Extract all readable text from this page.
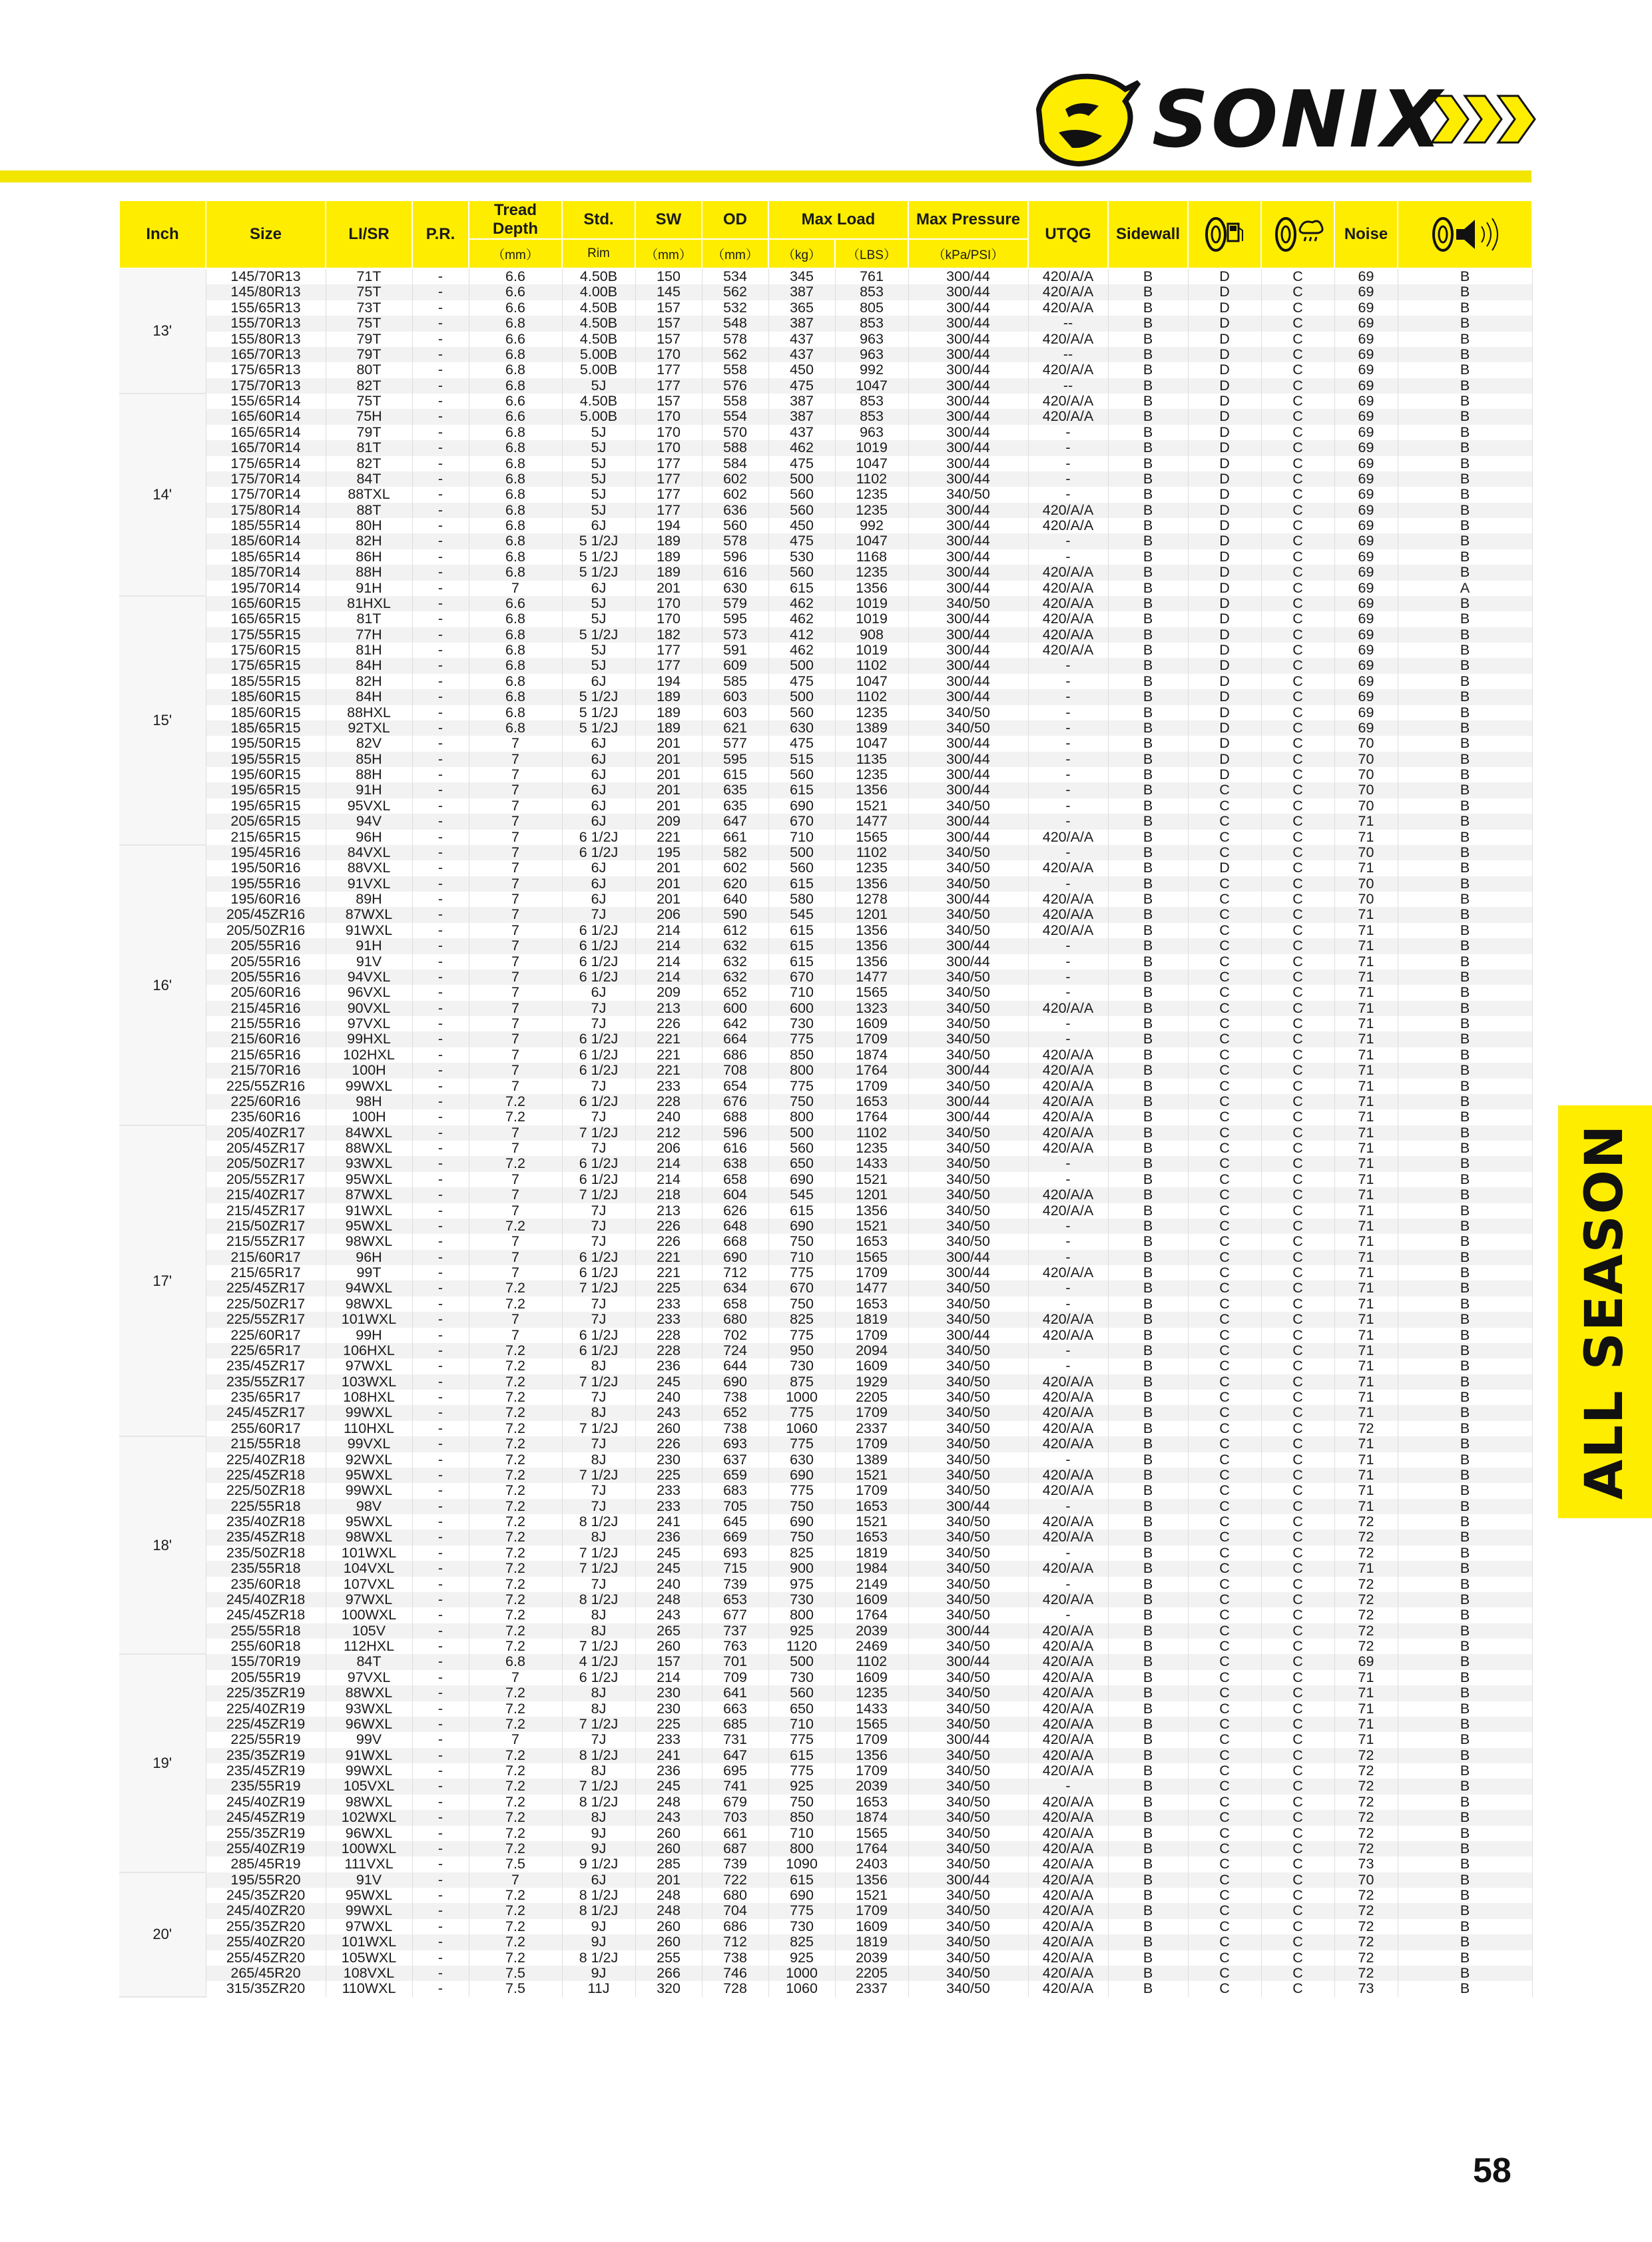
SONIX
Inch	Size	LI/SR	P.R.	Tread Depth	Std.	SW	OD	Max Load		Max Pressure	UTQG	Sidewall			Noise	

				（mm）	Rim	（mm）	（mm）	（kg）	（LBS）	（kPa/PSI）						
13'	145/70R13	71T	-	6.6	4.50B	150	534	345	761	300/44	420/A/A	B	D	C	69	B
	145/80R13	75T	-	6.6	4.00B	145	562	387	853	300/44	420/A/A	B	D	C	69	B
	155/65R13	73T	-	6.6	4.50B	157	532	365	805	300/44	420/A/A	B	D	C	69	B
	155/70R13	75T	-	6.8	4.50B	157	548	387	853	300/44	--	B	D	C	69	B
	155/80R13	79T	-	6.6	4.50B	157	578	437	963	300/44	420/A/A	B	D	C	69	B
	165/70R13	79T	-	6.8	5.00B	170	562	437	963	300/44	--	B	D	C	69	B
	175/65R13	80T	-	6.8	5.00B	177	558	450	992	300/44	420/A/A	B	D	C	69	B
	175/70R13	82T	-	6.8	5J	177	576	475	1047	300/44	--	B	D	C	69	B
14'	155/65R14	75T	-	6.6	4.50B	157	558	387	853	300/44	420/A/A	B	D	C	69	B
	165/60R14	75H	-	6.6	5.00B	170	554	387	853	300/44	420/A/A	B	D	C	69	B
	165/65R14	79T	-	6.8	5J	170	570	437	963	300/44	-	B	D	C	69	B
	165/70R14	81T	-	6.8	5J	170	588	462	1019	300/44	-	B	D	C	69	B
	175/65R14	82T	-	6.8	5J	177	584	475	1047	300/44	-	B	D	C	69	B
	175/70R14	84T	-	6.8	5J	177	602	500	1102	300/44	-	B	D	C	69	B
	175/70R14	88TXL	-	6.8	5J	177	602	560	1235	340/50	-	B	D	C	69	B
	175/80R14	88T	-	6.8	5J	177	636	560	1235	300/44	420/A/A	B	D	C	69	B
	185/55R14	80H	-	6.8	6J	194	560	450	992	300/44	420/A/A	B	D	C	69	B
	185/60R14	82H	-	6.8	5 1/2J	189	578	475	1047	300/44	-	B	D	C	69	B
	185/65R14	86H	-	6.8	5 1/2J	189	596	530	1168	300/44	-	B	D	C	69	B
	185/70R14	88H	-	6.8	5 1/2J	189	616	560	1235	300/44	420/A/A	B	D	C	69	B
	195/70R14	91H	-	7	6J	201	630	615	1356	300/44	420/A/A	B	D	C	69	A
15'	165/60R15	81HXL	-	6.6	5J	170	579	462	1019	340/50	420/A/A	B	D	C	69	B
	165/65R15	81T	-	6.8	5J	170	595	462	1019	300/44	420/A/A	B	D	C	69	B
	175/55R15	77H	-	6.8	5 1/2J	182	573	412	908	300/44	420/A/A	B	D	C	69	B
	175/60R15	81H	-	6.8	5J	177	591	462	1019	300/44	420/A/A	B	D	C	69	B
	175/65R15	84H	-	6.8	5J	177	609	500	1102	300/44	-	B	D	C	69	B
	185/55R15	82H	-	6.8	6J	194	585	475	1047	300/44	-	B	D	C	69	B
	185/60R15	84H	-	6.8	5 1/2J	189	603	500	1102	300/44	-	B	D	C	69	B
	185/60R15	88HXL	-	6.8	5 1/2J	189	603	560	1235	340/50	-	B	D	C	69	B
	185/65R15	92TXL	-	6.8	5 1/2J	189	621	630	1389	340/50	-	B	D	C	69	B
	195/50R15	82V	-	7	6J	201	577	475	1047	300/44	-	B	D	C	70	B
	195/55R15	85H	-	7	6J	201	595	515	1135	300/44	-	B	D	C	70	B
	195/60R15	88H	-	7	6J	201	615	560	1235	300/44	-	B	D	C	70	B
	195/65R15	91H	-	7	6J	201	635	615	1356	300/44	-	B	C	C	70	B
	195/65R15	95VXL	-	7	6J	201	635	690	1521	340/50	-	B	C	C	70	B
	205/65R15	94V	-	7	6J	209	647	670	1477	300/44	-	B	C	C	71	B
	215/65R15	96H	-	7	6 1/2J	221	661	710	1565	300/44	420/A/A	B	C	C	71	B
16'	195/45R16	84VXL	-	7	6 1/2J	195	582	500	1102	340/50	-	B	C	C	70	B
	195/50R16	88VXL	-	7	6J	201	602	560	1235	340/50	420/A/A	B	D	C	71	B
	195/55R16	91VXL	-	7	6J	201	620	615	1356	340/50	-	B	C	C	70	B
	195/60R16	89H	-	7	6J	201	640	580	1278	300/44	420/A/A	B	C	C	70	B
	205/45ZR16	87WXL	-	7	7J	206	590	545	1201	340/50	420/A/A	B	C	C	71	B
	205/50ZR16	91WXL	-	7	6 1/2J	214	612	615	1356	340/50	420/A/A	B	C	C	71	B
	205/55R16	91H	-	7	6 1/2J	214	632	615	1356	300/44	-	B	C	C	71	B
	205/55R16	91V	-	7	6 1/2J	214	632	615	1356	300/44	-	B	C	C	71	B
	205/55R16	94VXL	-	7	6 1/2J	214	632	670	1477	340/50	-	B	C	C	71	B
	205/60R16	96VXL	-	7	6J	209	652	710	1565	340/50	-	B	C	C	71	B
	215/45R16	90VXL	-	7	7J	213	600	600	1323	340/50	420/A/A	B	C	C	71	B
	215/55R16	97VXL	-	7	7J	226	642	730	1609	340/50	-	B	C	C	71	B
	215/60R16	99HXL	-	7	6 1/2J	221	664	775	1709	340/50	-	B	C	C	71	B
	215/65R16	102HXL	-	7	6 1/2J	221	686	850	1874	340/50	420/A/A	B	C	C	71	B
	215/70R16	100H	-	7	6 1/2J	221	708	800	1764	300/44	420/A/A	B	C	C	71	B
	225/55ZR16	99WXL	-	7	7J	233	654	775	1709	340/50	420/A/A	B	C	C	71	B
	225/60R16	98H	-	7.2	6 1/2J	228	676	750	1653	300/44	420/A/A	B	C	C	71	B
	235/60R16	100H	-	7.2	7J	240	688	800	1764	300/44	420/A/A	B	C	C	71	B
17'	205/40ZR17	84WXL	-	7	7 1/2J	212	596	500	1102	340/50	420/A/A	B	C	C	71	B
	205/45ZR17	88WXL	-	7	7J	206	616	560	1235	340/50	420/A/A	B	C	C	71	B
	205/50ZR17	93WXL	-	7.2	6 1/2J	214	638	650	1433	340/50	-	B	C	C	71	B
	205/55ZR17	95WXL	-	7	6 1/2J	214	658	690	1521	340/50	-	B	C	C	71	B
	215/40ZR17	87WXL	-	7	7 1/2J	218	604	545	1201	340/50	420/A/A	B	C	C	71	B
	215/45ZR17	91WXL	-	7	7J	213	626	615	1356	340/50	420/A/A	B	C	C	71	B
	215/50ZR17	95WXL	-	7.2	7J	226	648	690	1521	340/50	-	B	C	C	71	B
	215/55ZR17	98WXL	-	7	7J	226	668	750	1653	340/50	-	B	C	C	71	B
	215/60R17	96H	-	7	6 1/2J	221	690	710	1565	300/44	-	B	C	C	71	B
	215/65R17	99T	-	7	6 1/2J	221	712	775	1709	300/44	420/A/A	B	C	C	71	B
	225/45ZR17	94WXL	-	7.2	7 1/2J	225	634	670	1477	340/50	-	B	C	C	71	B
	225/50ZR17	98WXL	-	7.2	7J	233	658	750	1653	340/50	-	B	C	C	71	B
	225/55ZR17	101WXL	-	7	7J	233	680	825	1819	340/50	420/A/A	B	C	C	71	B
	225/60R17	99H	-	7	6 1/2J	228	702	775	1709	300/44	420/A/A	B	C	C	71	B
	225/65R17	106HXL	-	7.2	6 1/2J	228	724	950	2094	340/50	-	B	C	C	71	B
	235/45ZR17	97WXL	-	7.2	8J	236	644	730	1609	340/50	-	B	C	C	71	B
	235/55ZR17	103WXL	-	7.2	7 1/2J	245	690	875	1929	340/50	420/A/A	B	C	C	71	B
	235/65R17	108HXL	-	7.2	7J	240	738	1000	2205	340/50	420/A/A	B	C	C	71	B
	245/45ZR17	99WXL	-	7.2	8J	243	652	775	1709	340/50	420/A/A	B	C	C	71	B
	255/60R17	110HXL	-	7.2	7 1/2J	260	738	1060	2337	340/50	420/A/A	B	C	C	72	B
18'	215/55R18	99VXL	-	7.2	7J	226	693	775	1709	340/50	420/A/A	B	C	C	71	B
	225/40ZR18	92WXL	-	7.2	8J	230	637	630	1389	340/50	-	B	C	C	71	B
	225/45ZR18	95WXL	-	7.2	7 1/2J	225	659	690	1521	340/50	420/A/A	B	C	C	71	B
	225/50ZR18	99WXL	-	7.2	7J	233	683	775	1709	340/50	420/A/A	B	C	C	71	B
	225/55R18	98V	-	7.2	7J	233	705	750	1653	300/44	-	B	C	C	71	B
	235/40ZR18	95WXL	-	7.2	8 1/2J	241	645	690	1521	340/50	420/A/A	B	C	C	72	B
	235/45ZR18	98WXL	-	7.2	8J	236	669	750	1653	340/50	420/A/A	B	C	C	72	B
	235/50ZR18	101WXL	-	7.2	7 1/2J	245	693	825	1819	340/50	-	B	C	C	72	B
	235/55R18	104VXL	-	7.2	7 1/2J	245	715	900	1984	340/50	420/A/A	B	C	C	71	B
	235/60R18	107VXL	-	7.2	7J	240	739	975	2149	340/50	-	B	C	C	72	B
	245/40ZR18	97WXL	-	7.2	8 1/2J	248	653	730	1609	340/50	420/A/A	B	C	C	72	B
	245/45ZR18	100WXL	-	7.2	8J	243	677	800	1764	340/50	-	B	C	C	72	B
	255/55R18	105V	-	7.2	8J	265	737	925	2039	300/44	420/A/A	B	C	C	72	B
	255/60R18	112HXL	-	7.2	7 1/2J	260	763	1120	2469	340/50	420/A/A	B	C	C	72	B
19'	155/70R19	84T	-	6.8	4 1/2J	157	701	500	1102	300/44	420/A/A	B	C	C	69	B
	205/55R19	97VXL	-	7	6 1/2J	214	709	730	1609	340/50	420/A/A	B	C	C	71	B
	225/35ZR19	88WXL	-	7.2	8J	230	641	560	1235	340/50	420/A/A	B	C	C	71	B
	225/40ZR19	93WXL	-	7.2	8J	230	663	650	1433	340/50	420/A/A	B	C	C	71	B
	225/45ZR19	96WXL	-	7.2	7 1/2J	225	685	710	1565	340/50	420/A/A	B	C	C	71	B
	225/55R19	99V	-	7	7J	233	731	775	1709	300/44	420/A/A	B	C	C	71	B
	235/35ZR19	91WXL	-	7.2	8 1/2J	241	647	615	1356	340/50	420/A/A	B	C	C	72	B
	235/45ZR19	99WXL	-	7.2	8J	236	695	775	1709	340/50	420/A/A	B	C	C	72	B
	235/55R19	105VXL	-	7.2	7 1/2J	245	741	925	2039	340/50	-	B	C	C	72	B
	245/40ZR19	98WXL	-	7.2	8 1/2J	248	679	750	1653	340/50	420/A/A	B	C	C	72	B
	245/45ZR19	102WXL	-	7.2	8J	243	703	850	1874	340/50	420/A/A	B	C	C	72	B
	255/35ZR19	96WXL	-	7.2	9J	260	661	710	1565	340/50	420/A/A	B	C	C	72	B
	255/40ZR19	100WXL	-	7.2	9J	260	687	800	1764	340/50	420/A/A	B	C	C	72	B
	285/45R19	111VXL	-	7.5	9 1/2J	285	739	1090	2403	340/50	420/A/A	B	C	C	73	B
20'	195/55R20	91V	-	7	6J	201	722	615	1356	300/44	420/A/A	B	C	C	70	B
	245/35ZR20	95WXL	-	7.2	8 1/2J	248	680	690	1521	340/50	420/A/A	B	C	C	72	B
	245/40ZR20	99WXL	-	7.2	8 1/2J	248	704	775	1709	340/50	420/A/A	B	C	C	72	B
	255/35ZR20	97WXL	-	7.2	9J	260	686	730	1609	340/50	420/A/A	B	C	C	72	B
	255/40ZR20	101WXL	-	7.2	9J	260	712	825	1819	340/50	420/A/A	B	C	C	72	B
	255/45ZR20	105WXL	-	7.2	8 1/2J	255	738	925	2039	340/50	420/A/A	B	C	C	72	B
	265/45R20	108VXL	-	7.5	9J	266	746	1000	2205	340/50	420/A/A	B	C	C	72	B
	315/35ZR20	110WXL	-	7.5	11J	320	728	1060	2337	340/50	420/A/A	B	C	C	73	B
ALL SEASON
58
